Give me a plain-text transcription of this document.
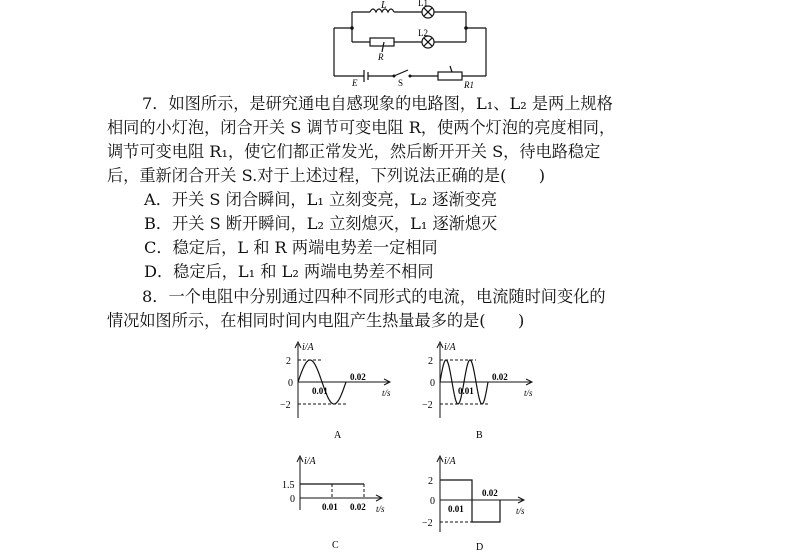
L	L1
L2
R
E	S	R1
7．如图所示，是研究通电自感现象的电路图，L₁、L₂ 是两上规格
相同的小灯泡，闭合开关 S 调节可变电阻 R，使两个灯泡的亮度相同，
调节可变电阻 R₁，使它们都正常发光，然后断开开关 S，待电路稳定
后，重新闭合开关 S.对于上述过程，下列说法正确的是(　　)
A．开关 S 闭合瞬间，L₁ 立刻变亮，L₂ 逐渐变亮
B．开关 S 断开瞬间，L₂ 立刻熄灭，L₁ 逐渐熄灭
C．稳定后，L 和 R 两端电势差一定相同
D．稳定后，L₁ 和 L₂ 两端电势差不相同
8．一个电阻中分别通过四种不同形式的电流，电流随时间变化的
情况如图所示，在相同时间内电阻产生热量最多的是(　　)
i/A
t/s
2
0
−2
0.01
0.02
A
i/A
t/s
2
0
−2
0.01
0.02
B
i/A
t/s
1.5
0
0.01 0.02
C
i/A
t/s
2
0
−2
0.01
0.02
D
